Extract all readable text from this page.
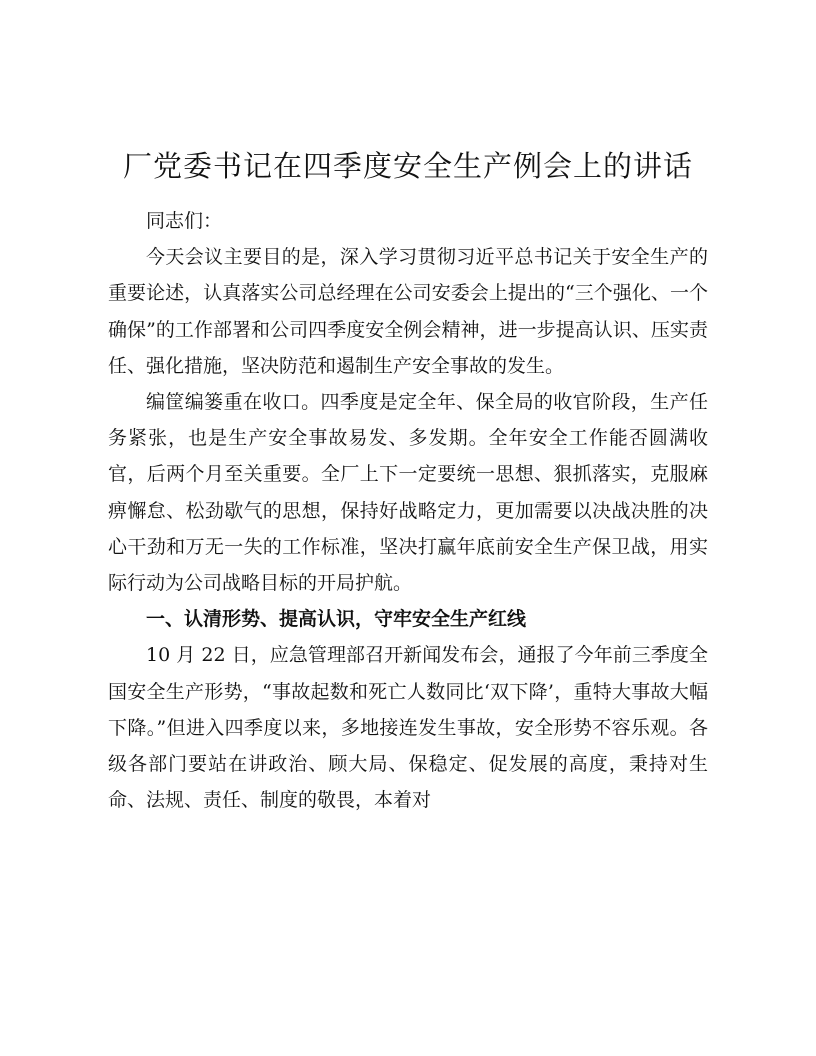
厂党委书记在四季度安全生产例会上的讲话

同志们：

今天会议主要目的是，深入学习贯彻习近平总书记关于安全生产的重要论述，认真落实公司总经理在公司安委会上提出的“三个强化、一个确保”的工作部署和公司四季度安全例会精神，进一步提高认识、压实责任、强化措施，坚决防范和遏制生产安全事故的发生。

编筐编篓重在收口。四季度是定全年、保全局的收官阶段，生产任务紧张，也是生产安全事故易发、多发期。全年安全工作能否圆满收官，后两个月至关重要。全厂上下一定要统一思想、狠抓落实，克服麻痹懈怠、松劲歇气的思想，保持好战略定力，更加需要以决战决胜的决心干劲和万无一失的工作标准，坚决打赢年底前安全生产保卫战，用实际行动为公司战略目标的开局护航。

一、认清形势、提高认识，守牢安全生产红线

10 月 22 日，应急管理部召开新闻发布会，通报了今年前三季度全国安全生产形势，“事故起数和死亡人数同比‘双下降’，重特大事故大幅下降。”但进入四季度以来，多地接连发生事故，安全形势不容乐观。各级各部门要站在讲政治、顾大局、保稳定、促发展的高度，秉持对生命、法规、责任、制度的敬畏，本着对
